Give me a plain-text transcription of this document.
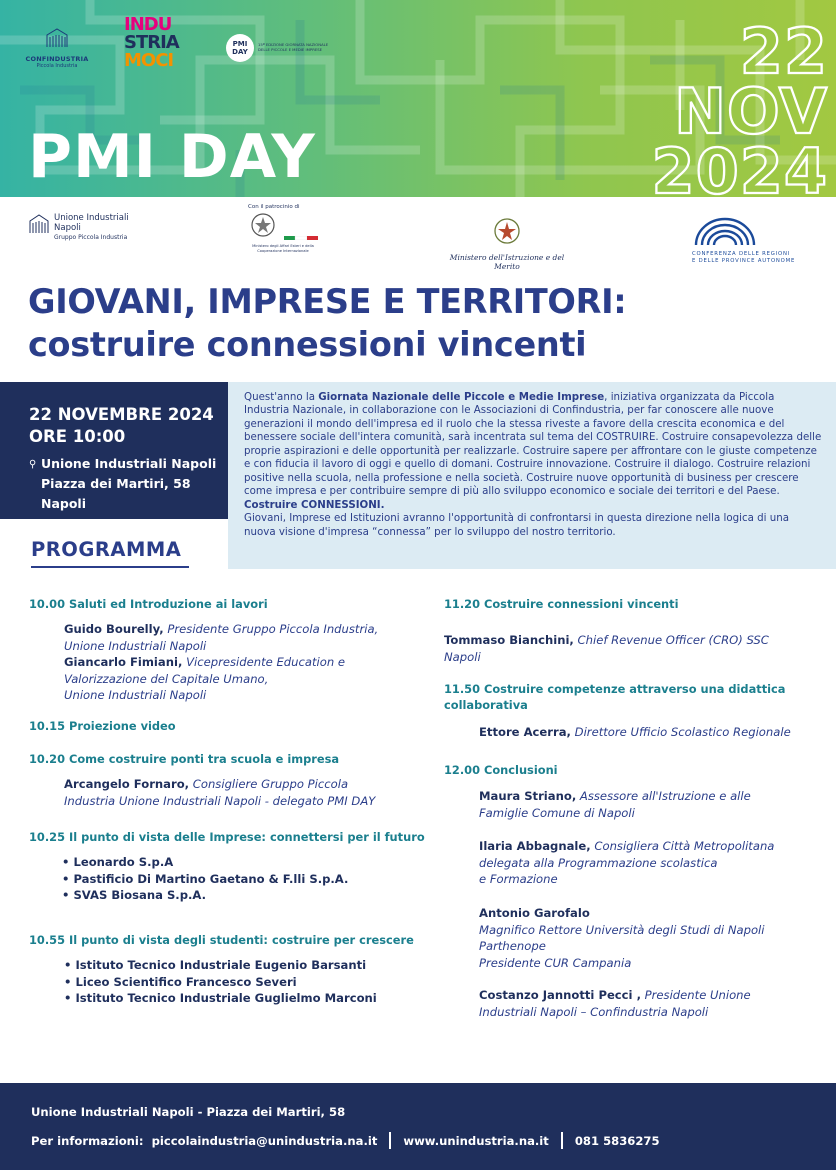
CONFINDUSTRIA
Piccola Industria
INDU
STRIA
MOCI
PMI
DAY
15ª EDIZIONE GIORNATA NAZIONALE DELLE PICCOLE E MEDIE IMPRESE
PMI DAY
22
NOV
2024
Unione Industriali
Napoli
Gruppo Piccola Industria
Con il patrocinio di

Ministero degli Affari Esteri e della Cooperazione Internazionale
Ministero dell'Istruzione e del Merito
CONFERENZA DELLE REGIONI
E DELLE PROVINCE AUTONOME
GIOVANI, IMPRESE E TERRITORI:
costruire connessioni vincenti
22 NOVEMBRE 2024
ORE 10:00
⚲ Unione Industriali Napoli
Piazza dei Martiri, 58
Napoli
Quest'anno la Giornata Nazionale delle Piccole e Medie Imprese, iniziativa organizzata da Piccola Industria Nazionale, in collaborazione con le Associazioni di Confindustria, per far conoscere alle nuove generazioni il mondo dell'impresa ed il ruolo che la stessa riveste a favore della crescita economica e del benessere sociale dell'intera comunità, sarà incentrata sul tema del COSTRUIRE. Costruire consapevolezza delle proprie aspirazioni e delle opportunità per realizzarle. Costruire sapere per affrontare con le giuste competenze e con fiducia il lavoro di oggi e quello di domani. Costruire innovazione. Costruire il dialogo. Costruire relazioni positive nella scuola, nella professione e nella società. Costruire nuove opportunità di business per crescere come impresa e per contribuire sempre di più allo sviluppo economico e sociale dei territori e del Paese.
Costruire CONNESSIONI.
Giovani, Imprese ed Istituzioni avranno l'opportunità di confrontarsi in questa direzione nella logica di una nuova visione d'impresa “connessa” per lo sviluppo del nostro territorio.
PROGRAMMA
10.00 Saluti ed Introduzione ai lavori
Guido Bourelly, Presidente Gruppo Piccola Industria,
Unione Industriali Napoli
Giancarlo Fimiani, Vicepresidente Education e
Valorizzazione del Capitale Umano,
Unione Industriali Napoli
10.15 Proiezione video
10.20 Come costruire ponti tra scuola e impresa
Arcangelo Fornaro, Consigliere Gruppo Piccola
Industria Unione Industriali Napoli - delegato PMI DAY
10.25 Il punto di vista delle Imprese: connettersi per il futuro
• Leonardo S.p.A
• Pastificio Di Martino Gaetano & F.lli S.p.A.
• SVAS Biosana S.p.A.
10.55 Il punto di vista degli studenti: costruire per crescere
• Istituto Tecnico Industriale Eugenio Barsanti
• Liceo Scientifico Francesco Severi
• Istituto Tecnico Industriale Guglielmo Marconi
11.20 Costruire connessioni vincenti
Tommaso Bianchini, Chief Revenue Officer (CRO) SSC
Napoli
11.50 Costruire competenze attraverso una didattica
collaborativa
Ettore Acerra, Direttore Ufficio Scolastico Regionale
12.00 Conclusioni
Maura Striano, Assessore all'Istruzione e alle
Famiglie Comune di Napoli
Ilaria Abbagnale, Consigliera Città Metropolitana
delegata alla Programmazione scolastica
e Formazione
Antonio Garofalo
Magnifico Rettore Università degli Studi di Napoli
Parthenope
Presidente CUR Campania
Costanzo Jannotti Pecci , Presidente Unione
Industriali Napoli – Confindustria Napoli
Unione Industriali Napoli - Piazza dei Martiri, 58
Per informazioni:
piccolaindustria@unindustria.na.it www.unindustria.na.it 081 5836275
